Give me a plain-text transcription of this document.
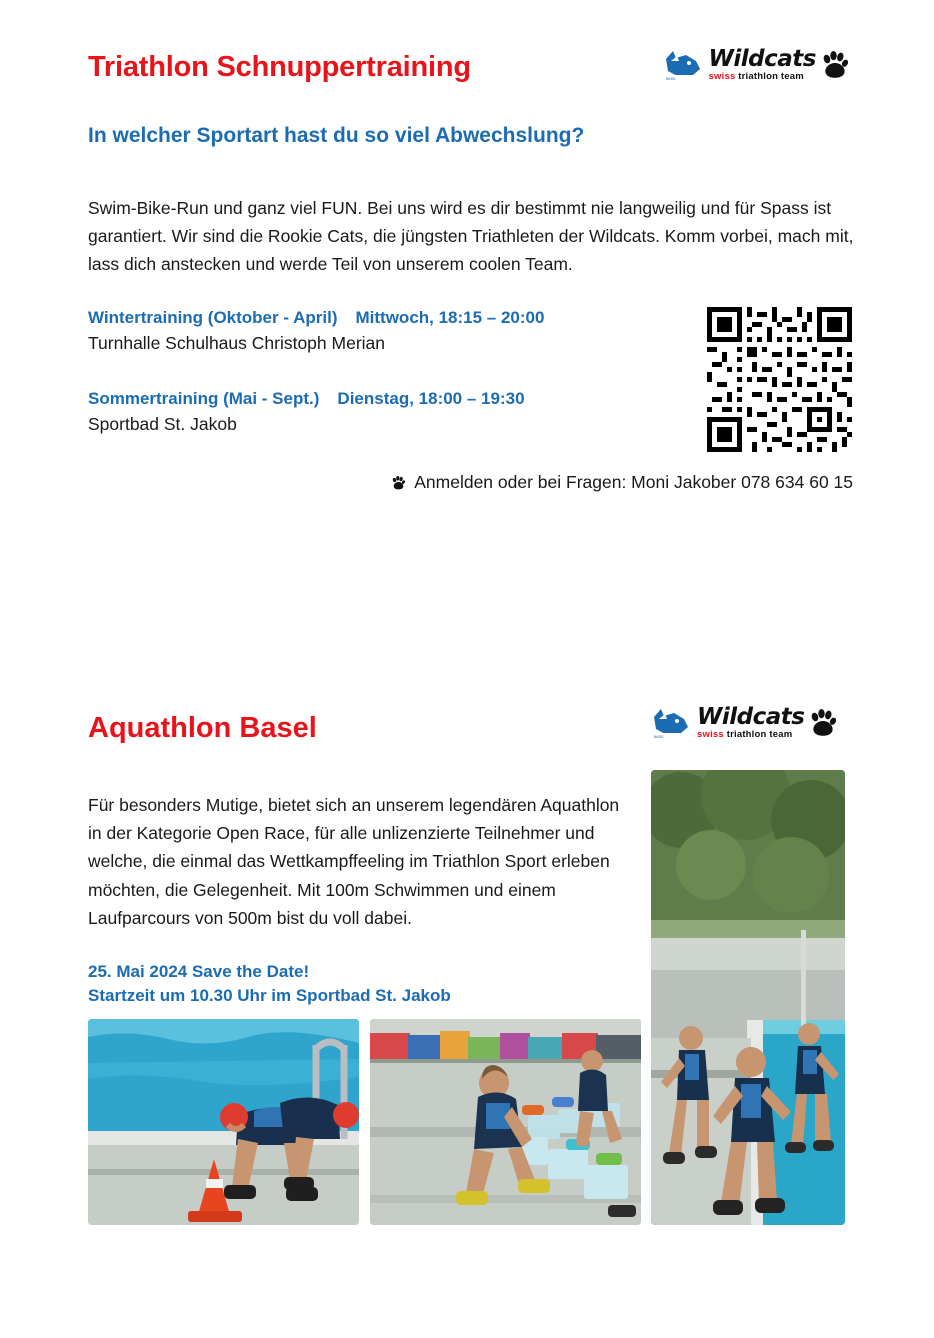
Triathlon Schnuppertraining	BASEL
Wildcats
swiss triathlon team
In welcher Sportart hast du so viel Abwechslung?

Swim-Bike-Run und ganz viel FUN. Bei uns wird es dir bestimmt nie langweilig und für Spass ist garantiert. Wir sind die Rookie Cats, die jüngsten Triathleten der Wildcats. Komm vorbei, mach mit, lass dich anstecken und werde Teil von unserem coolen Team.

Wintertraining (Oktober - April) Mittwoch, 18:15 – 20:00
Turnhalle Schulhaus Christoph Merian
Sommertraining (Mai - Sept.) Dienstag, 18:00 – 19:30
Sportbad St. Jakob
Anmelden oder bei Fragen: Moni Jakober 078 634 60 15
Aquathlon Basel	BASEL
Wildcats
swiss triathlon team

Für besonders Mutige, bietet sich an unserem legendären Aquathlon in der Kategorie Open Race, für alle unlizenzierte Teilnehmer und welche, die einmal das Wettkampffeeling im Triathlon Sport erleben möchten, die Gelegenheit. Mit 100m Schwimmen und einem Laufparcours von 500m bist du voll dabei.

25. Mai 2024 Save the Date!
Startzeit um 10.30 Uhr im Sportbad St. Jakob
